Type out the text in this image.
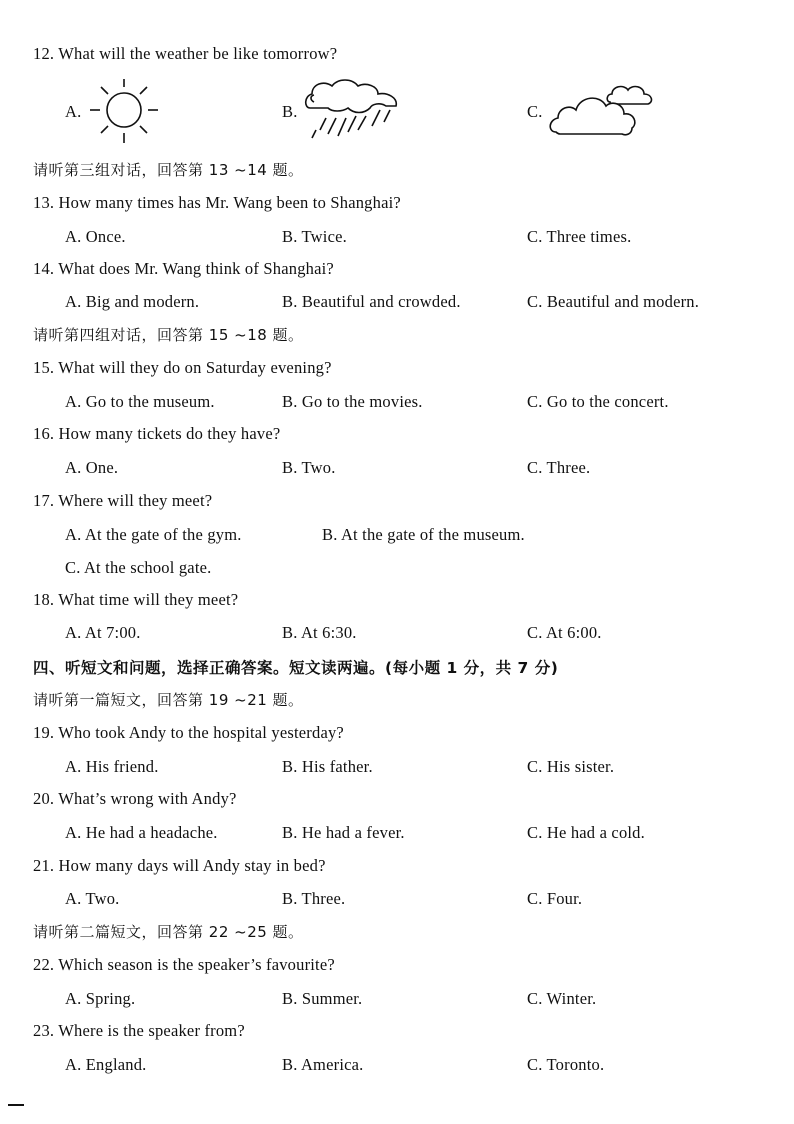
12. What will the weather be like tomorrow?
A.	B.	C.
请听第三组对话，回答第 13 ~14 题。
13. How many times has Mr. Wang been to Shanghai?
A. Once.	B. Twice.	C. Three times.
14. What does Mr. Wang think of Shanghai?
A. Big and modern.	B. Beautiful and crowded.	C. Beautiful and modern.
请听第四组对话，回答第 15 ~18 题。
15. What will they do on Saturday evening?
A. Go to the museum.	B. Go to the movies.	C. Go to the concert.
16. How many tickets do they have?
A. One.	B. Two.	C. Three.
17. Where will they meet?
A. At the gate of the gym.	B. At the gate of the museum.
C. At the school gate.
18. What time will they meet?
A. At 7:00.	B. At 6:30.	C. At 6:00.
四、听短文和问题，选择正确答案。短文读两遍。(每小题 1 分，共 7 分)
请听第一篇短文，回答第 19 ~21 题。
19. Who took Andy to the hospital yesterday?
A. His friend.	B. His father.	C. His sister.
20. What’s wrong with Andy?
A. He had a headache.	B. He had a fever.	C. He had a cold.
21. How many days will Andy stay in bed?
A. Two.	B. Three.	C. Four.
请听第二篇短文，回答第 22 ~25 题。
22. Which season is the speaker’s favourite?
A. Spring.	B. Summer.	C. Winter.
23. Where is the speaker from?
A. England.	B. America.	C. Toronto.
